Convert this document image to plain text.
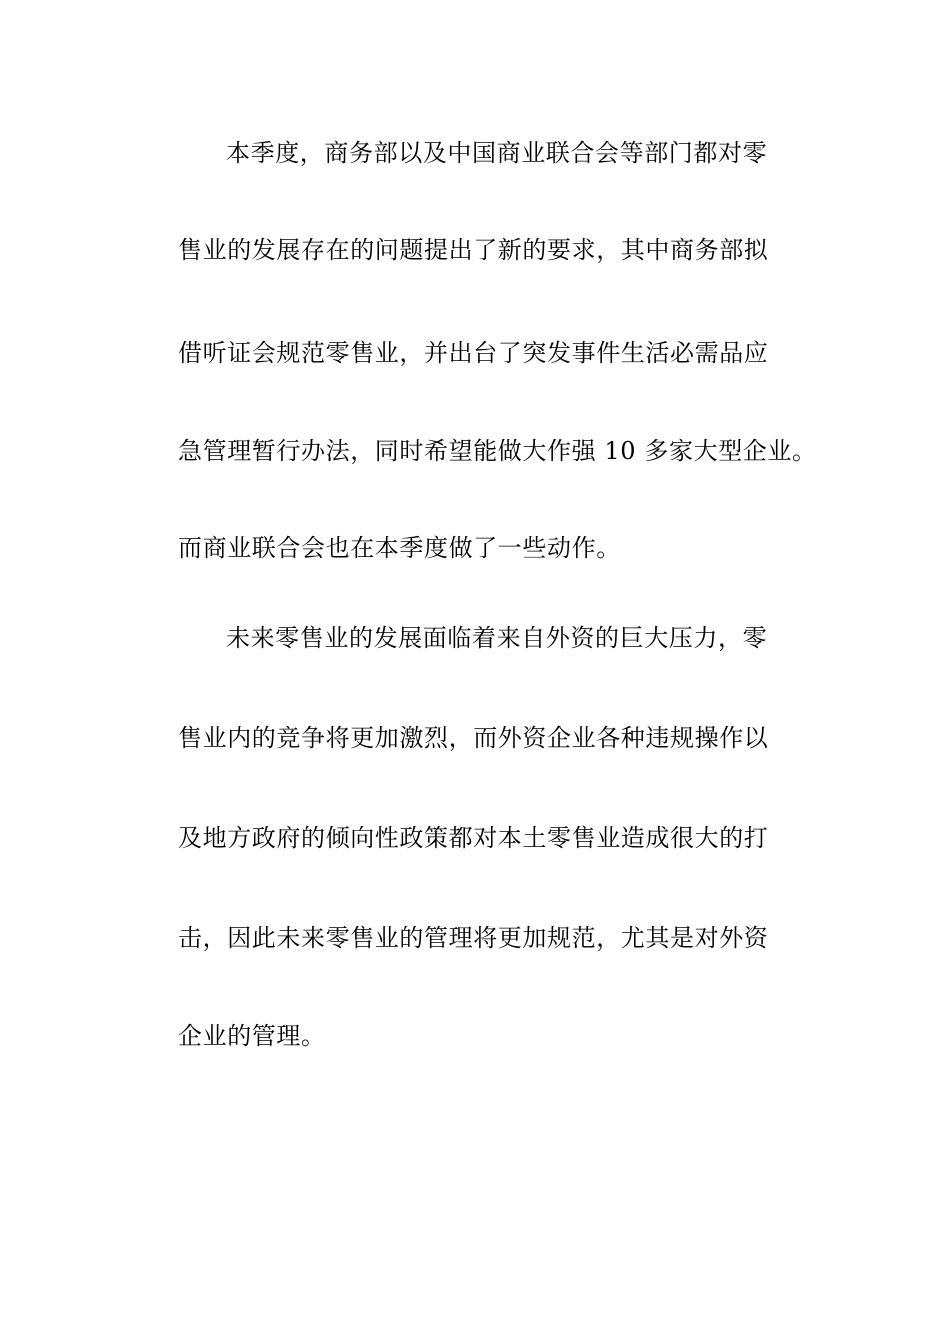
本季度，商务部以及中国商业联合会等部门都对零
售业的发展存在的问题提出了新的要求，其中商务部拟
借听证会规范零售业，并出台了突发事件生活必需品应
急管理暂行办法，同时希望能做大作强 10 多家大型企业。
而商业联合会也在本季度做了一些动作。
未来零售业的发展面临着来自外资的巨大压力，零
售业内的竞争将更加激烈，而外资企业各种违规操作以
及地方政府的倾向性政策都对本土零售业造成很大的打
击，因此未来零售业的管理将更加规范，尤其是对外资
企业的管理。
